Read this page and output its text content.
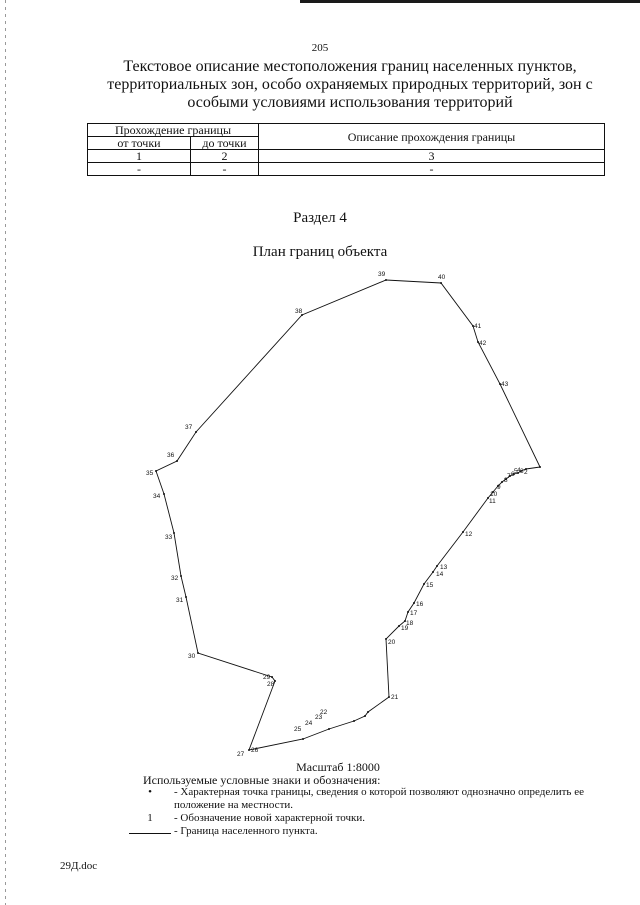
205
Текстовое описание местоположения границ населенных пунктов, территориальных зон, особо охраняемых природных территорий, зон с особыми условиями использования территорий
Прохождение границы		Описание прохождения границы
от точки	до точки	
1	2	3
-	-	-
Раздел 4
План границ объекта
39	40
38
41
42
43
37
36
35
34
33
32
31
30
29
28
27
26
25
24
23
22
21
20
19
18
17
16
15
14
13
12
11
10
9
8
7 6 5 4 3 2
Масштаб 1:8000
Используемые условные знаки и обозначения:
•	- Характерная точка границы, сведения о которой позволяют однозначно определить ее положение на местности.
1	- Обозначение новой характерной точки.
- Граница населенного пункта.
29Д.doc
